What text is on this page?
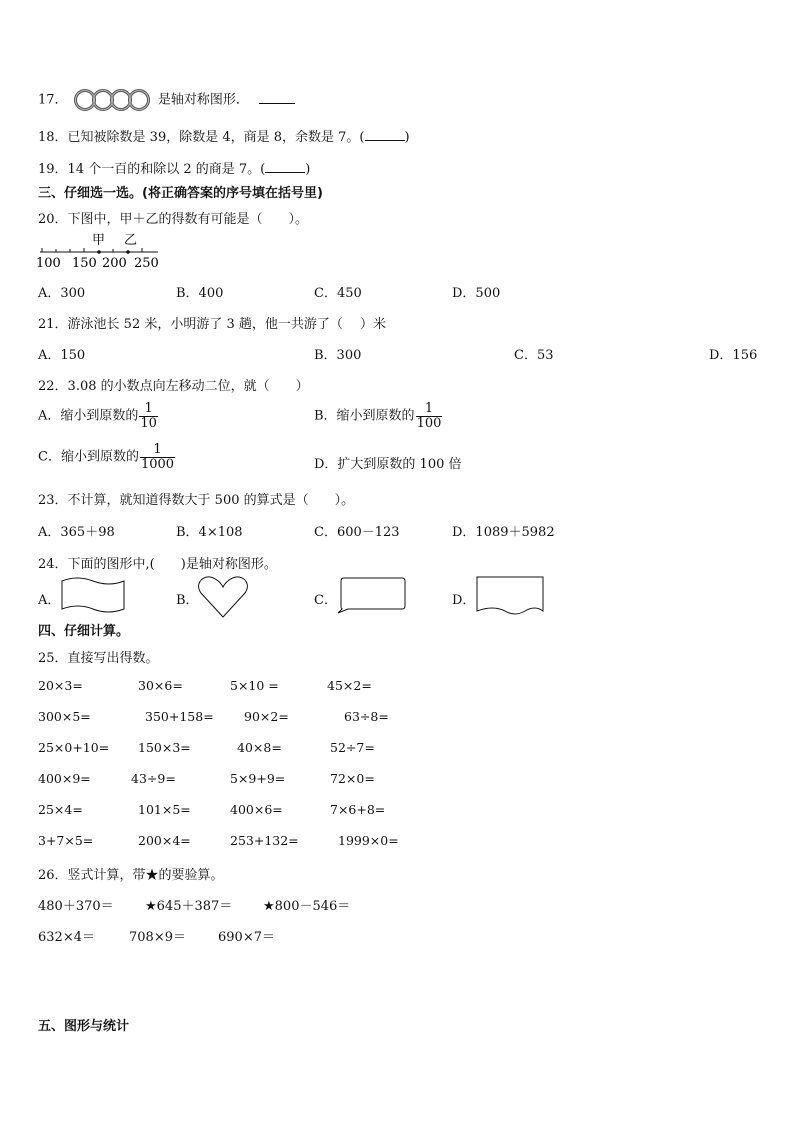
17．	是轴对称图形．
18．已知被除数是 39，除数是 4，商是 8，余数是 7。(	)
19．14 个一百的和除以 2 的商是 7。(	)
三、仔细选一选。(将正确答案的序号填在括号里)
20．下图中，甲＋乙的得数有可能是（　　）。
甲 乙
100 150 200 250
A．300	B．400	C．450	D．500
21．游泳池长 52 米，小明游了 3 趟，他一共游了（　 ）米
A．150	B．300	C．53	D．156
22．3.08 的小数点向左移动二位，就（　　）
A．缩小到原数的 $\frac{1}{10}$	B．缩小到原数的 $\frac{1}{100}$
C．缩小到原数的 $\frac{1}{1000}$	D．扩大到原数的 100 倍
23．不计算，就知道得数大于 500 的算式是（　　）。
A．365＋98	B．4×108	C．600－123	D．1089＋5982
24．下面的图形中,(　　)是轴对称图形。
A．	B．	C．	D．
四、仔细计算。
25．直接写出得数。
20×3=	30×6=	5×10 =	45×2=
300×5=	350+158= 90×2=	63÷8=
25×0+10= 150×3=	40×8=	52÷7=
400×9=	43÷9=	5×9+9=	72×0=
25×4=	101×5=	400×6=	7×6+8=
3+7×5=	200×4=	253+132=	1999×0=
26．竖式计算，带★的要验算。
480＋370＝ ★645＋387＝ ★800－546＝
632×4＝	708×9＝ 690×7＝
五、图形与统计
